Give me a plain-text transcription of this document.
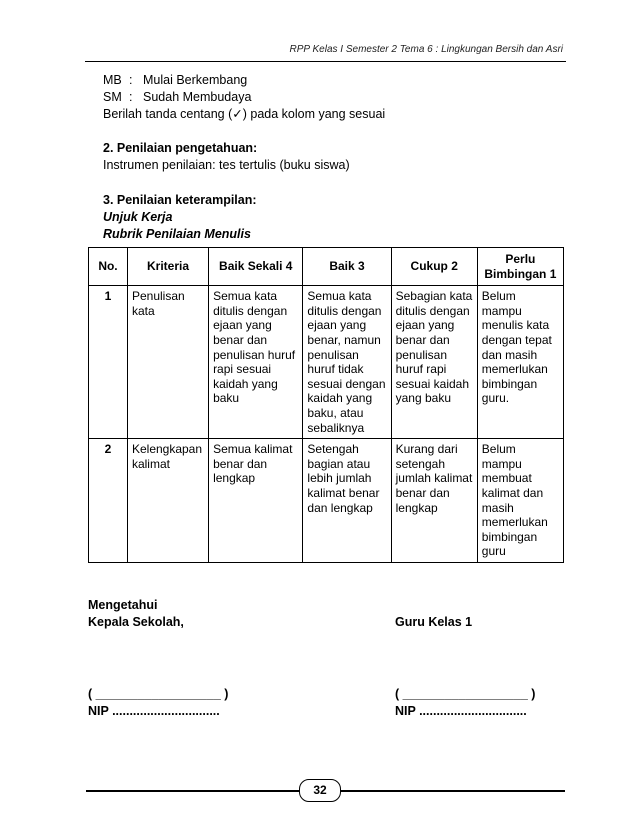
RPP Kelas I Semester 2 Tema 6 : Lingkungan Bersih dan Asri
MB : Mulai Berkembang
SM : Sudah Membudaya
Berilah tanda centang (✓) pada kolom yang sesuai
2. Penilaian pengetahuan:
Instrumen penilaian: tes tertulis (buku siswa)
3. Penilaian keterampilan:
Unjuk Kerja
Rubrik Penilaian Menulis
No.	Kriteria	Baik Sekali 4	Baik 3	Cukup 2	Perlu Bimbingan 1
1	Penulisan kata	Semua kata ditulis dengan ejaan yang benar dan penulisan huruf rapi sesuai kaidah yang baku	Semua kata ditulis dengan ejaan yang benar, namun penulisan huruf tidak sesuai dengan kaidah yang baku, atau sebaliknya	Sebagian kata ditulis dengan ejaan yang benar dan penulisan huruf rapi sesuai kaidah yang baku	Belum mampu menulis kata dengan tepat dan masih memerlukan bimbingan guru.
2	Kelengkapan kalimat	Semua kalimat benar dan lengkap	Setengah bagian atau lebih jumlah kalimat benar dan lengkap	Kurang dari setengah jumlah kalimat benar dan lengkap	Belum mampu membuat kalimat dan masih memerlukan bimbingan guru
Mengetahui
Kepala Sekolah,	Guru Kelas 1
( __________________ )
NIP ...............................
( __________________ )
NIP ...............................
32
